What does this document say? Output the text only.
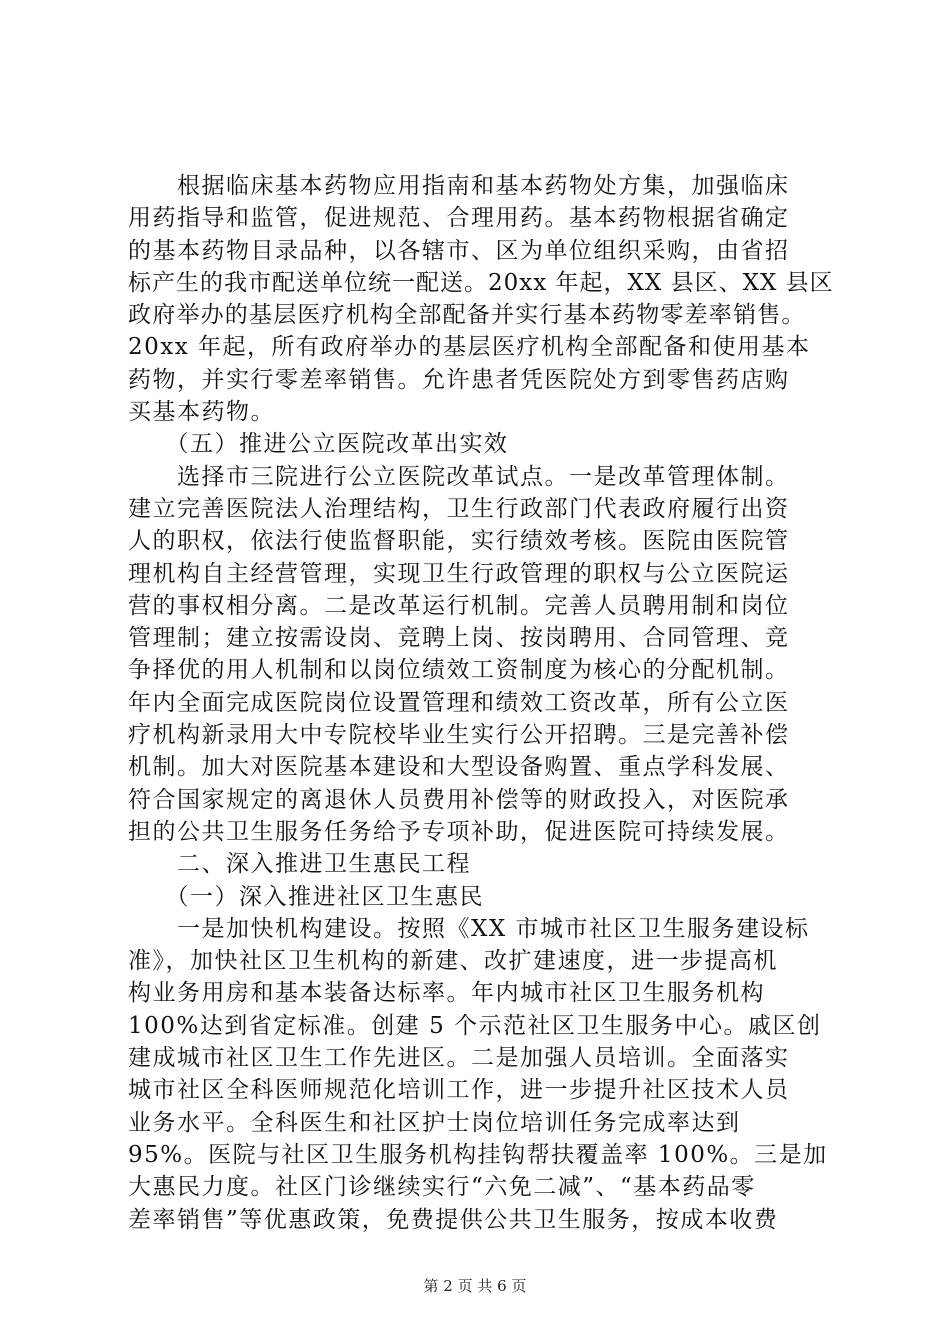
　　根据临床基本药物应用指南和基本药物处方集，加强临床
用药指导和监管，促进规范、合理用药。基本药物根据省确定
的基本药物目录品种，以各辖市、区为单位组织采购，由省招
标产生的我市配送单位统一配送。20xx 年起，XX 县区、XX 县区
政府举办的基层医疗机构全部配备并实行基本药物零差率销售。
20xx 年起，所有政府举办的基层医疗机构全部配备和使用基本
药物，并实行零差率销售。允许患者凭医院处方到零售药店购
买基本药物。
　　（五）推进公立医院改革出实效
　　选择市三院进行公立医院改革试点。一是改革管理体制。
建立完善医院法人治理结构，卫生行政部门代表政府履行出资
人的职权，依法行使监督职能，实行绩效考核。医院由医院管
理机构自主经营管理，实现卫生行政管理的职权与公立医院运
营的事权相分离。二是改革运行机制。完善人员聘用制和岗位
管理制；建立按需设岗、竞聘上岗、按岗聘用、合同管理、竞
争择优的用人机制和以岗位绩效工资制度为核心的分配机制。
年内全面完成医院岗位设置管理和绩效工资改革，所有公立医
疗机构新录用大中专院校毕业生实行公开招聘。三是完善补偿
机制。加大对医院基本建设和大型设备购置、重点学科发展、
符合国家规定的离退休人员费用补偿等的财政投入，对医院承
担的公共卫生服务任务给予专项补助，促进医院可持续发展。
　　二、深入推进卫生惠民工程
　　（一）深入推进社区卫生惠民
　　一是加快机构建设。按照《XX 市城市社区卫生服务建设标
准》，加快社区卫生机构的新建、改扩建速度，进一步提高机
构业务用房和基本装备达标率。年内城市社区卫生服务机构
100%达到省定标准。创建 5 个示范社区卫生服务中心。戚区创
建成城市社区卫生工作先进区。二是加强人员培训。全面落实
城市社区全科医师规范化培训工作，进一步提升社区技术人员
业务水平。全科医生和社区护士岗位培训任务完成率达到
95%。医院与社区卫生服务机构挂钩帮扶覆盖率 100%。三是加
大惠民力度。社区门诊继续实行“六免二减”、“基本药品零
差率销售”等优惠政策，免费提供公共卫生服务，按成本收费
第 2 页 共 6 页
